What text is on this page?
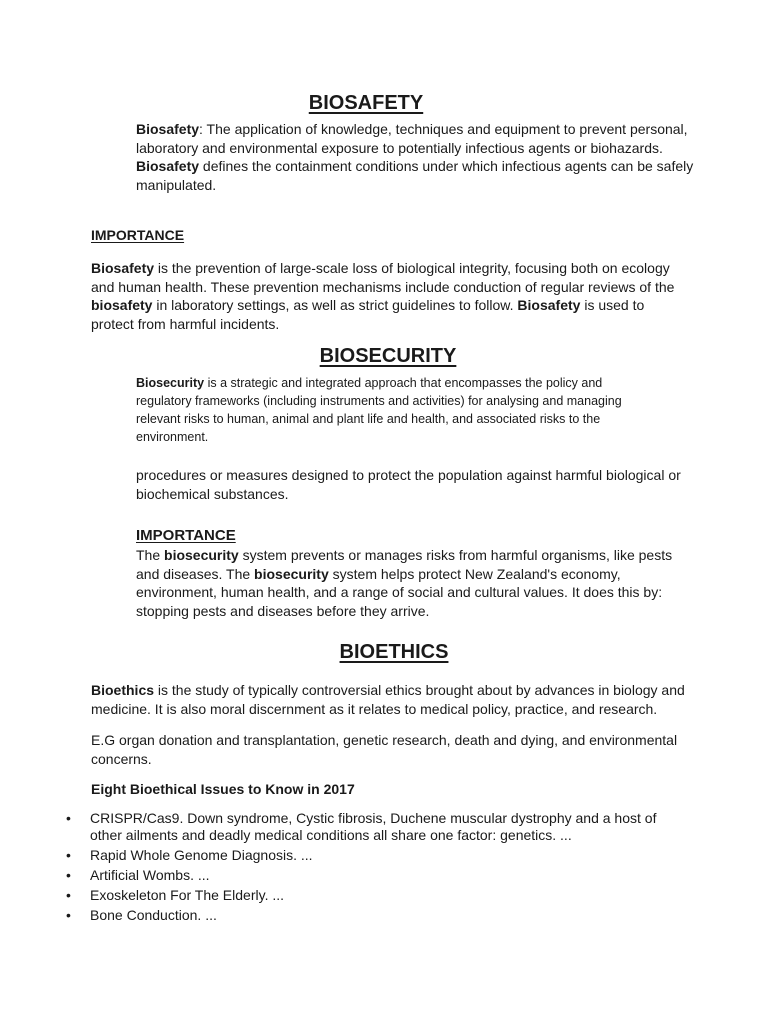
BIOSAFETY

Biosafety: The application of knowledge, techniques and equipment to prevent personal, laboratory and environmental exposure to potentially infectious agents or biohazards. Biosafety defines the containment conditions under which infectious agents can be safely manipulated.

IMPORTANCE

Biosafety is the prevention of large-scale loss of biological integrity, focusing both on ecology and human health. These prevention mechanisms include conduction of regular reviews of the biosafety in laboratory settings, as well as strict guidelines to follow. Biosafety is used to protect from harmful incidents.

BIOSECURITY

Biosecurity is a strategic and integrated approach that encompasses the policy and regulatory frameworks (including instruments and activities) for analysing and managing relevant risks to human, animal and plant life and health, and associated risks to the environment.

procedures or measures designed to protect the population against harmful biological or biochemical substances.

IMPORTANCE

The biosecurity system prevents or manages risks from harmful organisms, like pests and diseases. The biosecurity system helps protect New Zealand's economy, environment, human health, and a range of social and cultural values. It does this by: stopping pests and diseases before they arrive.

BIOETHICS

Bioethics is the study of typically controversial ethics brought about by advances in biology and medicine. It is also moral discernment as it relates to medical policy, practice, and research.

E.G organ donation and transplantation, genetic research, death and dying, and environmental concerns.

Eight Bioethical Issues to Know in 2017

• CRISPR/Cas9. Down syndrome, Cystic fibrosis, Duchene muscular dystrophy and a host of other ailments and deadly medical conditions all share one factor: genetics. ...
• Rapid Whole Genome Diagnosis. ...
• Artificial Wombs. ...
• Exoskeleton For The Elderly. ...
• Bone Conduction. ...
